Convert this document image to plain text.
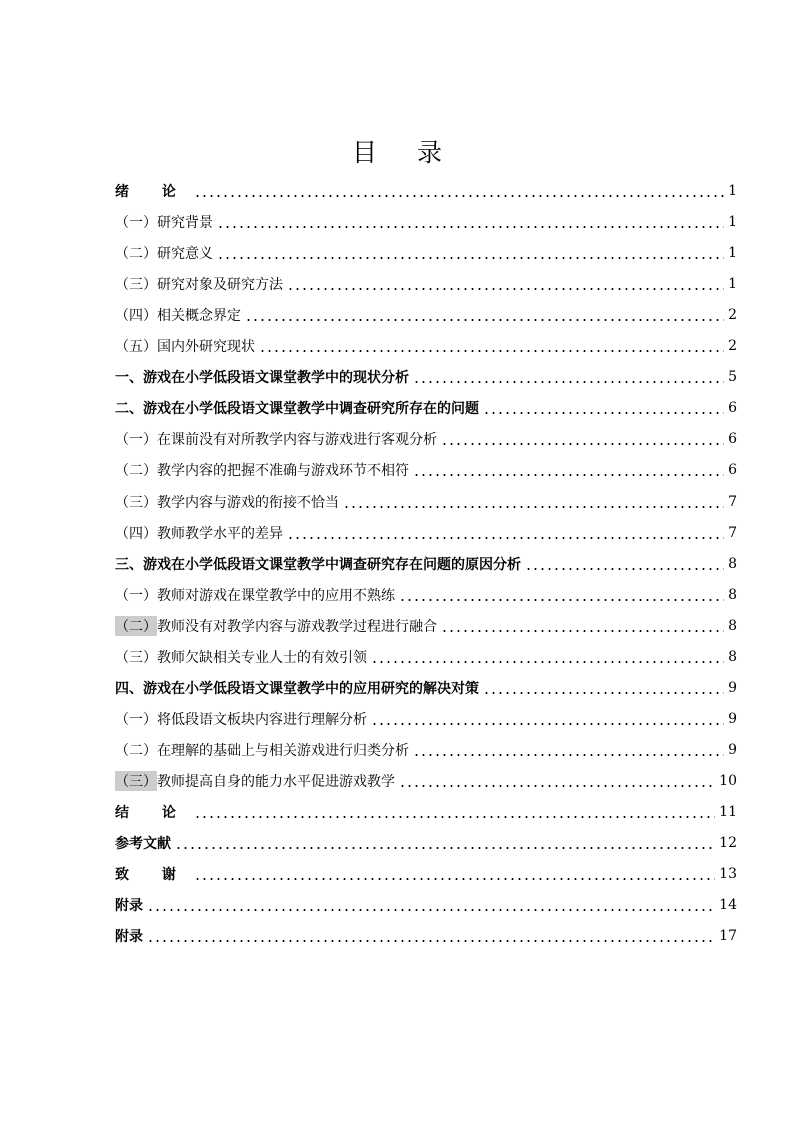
目 录
绪 论	1
（一） 研究背景	1
（二） 研究意义	1
（三） 研究对象及研究方法	1
（四） 相关概念界定	2
（五） 国内外研究现状	2
一、游戏在小学低段语文课堂教学中的现状分析	5
二、游戏在小学低段语文课堂教学中调查研究所存在的问题	6
（一） 在课前没有对所教学内容与游戏进行客观分析	6
（二） 教学内容的把握不准确与游戏环节不相符	6
（三） 教学内容与游戏的衔接不恰当	7
（四） 教师教学水平的差异	7
三、游戏在小学低段语文课堂教学中调查研究存在问题的原因分析	8
（一） 教师对游戏在课堂教学中的应用不熟练	8
（二） 教师没有对教学内容与游戏教学过程进行融合	8
（三） 教师欠缺相关专业人士的有效引领	8
四、游戏在小学低段语文课堂教学中的应用研究的解决对策	9
（一） 将低段语文板块内容进行理解分析	9
（二） 在理解的基础上与相关游戏进行归类分析	9
（三） 教师提高自身的能力水平促进游戏教学	10
结 论	11
参考文献	12
致 谢	13
附录	14
附录	17
